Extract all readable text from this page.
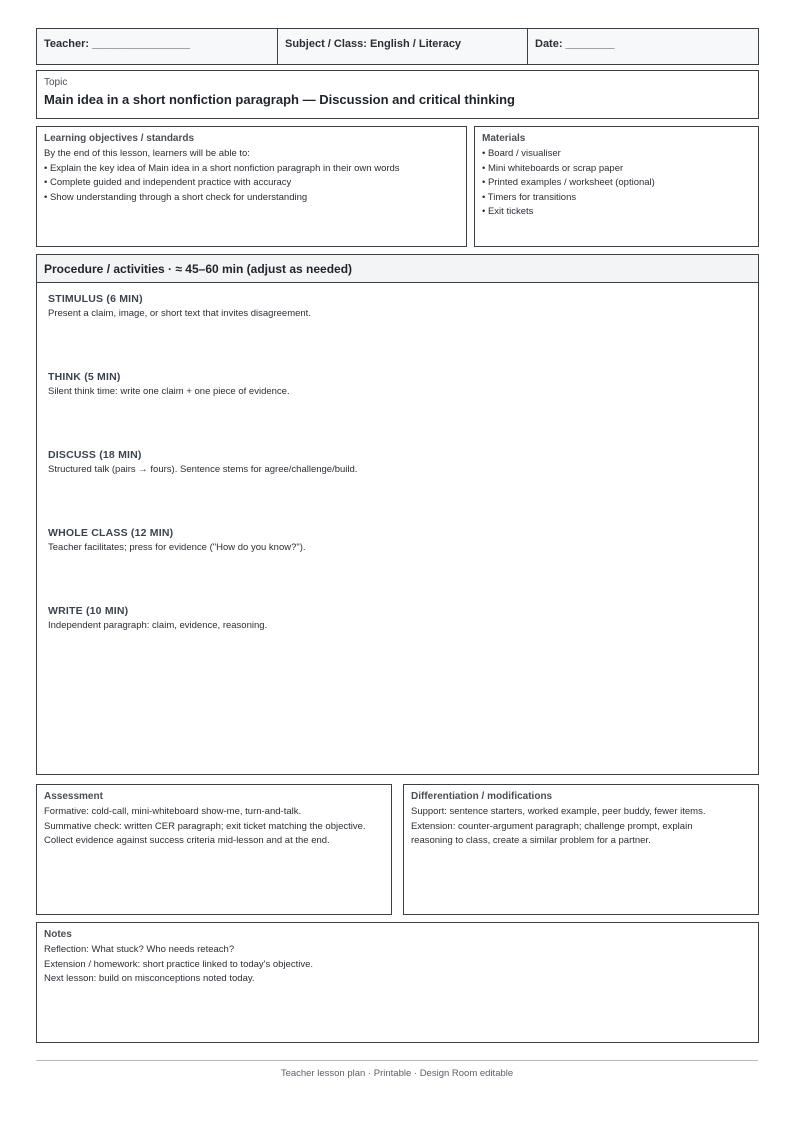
Teacher: ________________	Subject / Class: English / Literacy	Date: ________
Topic
Main idea in a short nonfiction paragraph — Discussion and critical thinking
Learning objectives / standards
By the end of this lesson, learners will be able to:
• Explain the key idea of Main idea in a short nonfiction paragraph in their own words
• Complete guided and independent practice with accuracy
• Show understanding through a short check for understanding
Materials
• Board / visualiser
• Mini whiteboards or scrap paper
• Printed examples / worksheet (optional)
• Timers for transitions
• Exit tickets
Procedure / activities · ≈ 45–60 min (adjust as needed)
STIMULUS (6 MIN)
Present a claim, image, or short text that invites disagreement.
THINK (5 MIN)
Silent think time: write one claim + one piece of evidence.
DISCUSS (18 MIN)
Structured talk (pairs → fours). Sentence stems for agree/challenge/build.
WHOLE CLASS (12 MIN)
Teacher facilitates; press for evidence ("How do you know?").
WRITE (10 MIN)
Independent paragraph: claim, evidence, reasoning.
Assessment
Formative: cold-call, mini-whiteboard show-me, turn-and-talk.
Summative check: written CER paragraph; exit ticket matching the objective.
Collect evidence against success criteria mid-lesson and at the end.
Differentiation / modifications
Support: sentence starters, worked example, peer buddy, fewer items.
Extension: counter-argument paragraph; challenge prompt, explain
reasoning to class, create a similar problem for a partner.
Notes
Reflection: What stuck? Who needs reteach?
Extension / homework: short practice linked to today's objective.
Next lesson: build on misconceptions noted today.
Teacher lesson plan · Printable · Design Room editable
